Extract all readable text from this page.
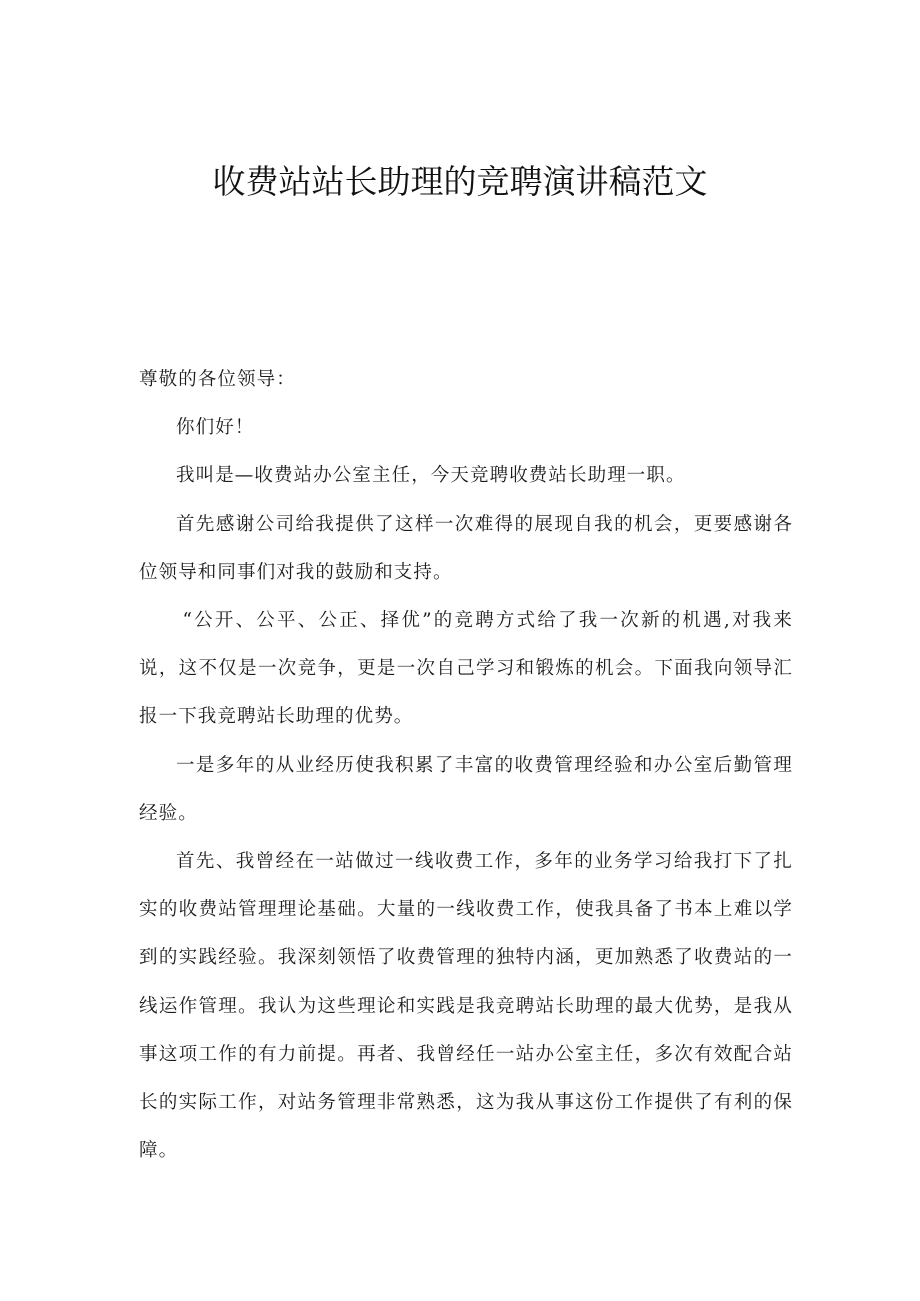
收费站站长助理的竞聘演讲稿范文

尊敬的各位领导：

你们好！

我叫是—收费站办公室主任，今天竞聘收费站长助理一职。

首先感谢公司给我提供了这样一次难得的展现自我的机会，更要感谢各位领导和同事们对我的鼓励和支持。

“公开、公平、公正、择优”的竞聘方式给了我一次新的机遇,对我来说，这不仅是一次竞争，更是一次自己学习和锻炼的机会。下面我向领导汇报一下我竞聘站长助理的优势。

一是多年的从业经历使我积累了丰富的收费管理经验和办公室后勤管理经验。

首先、我曾经在一站做过一线收费工作，多年的业务学习给我打下了扎实的收费站管理理论基础。大量的一线收费工作，使我具备了书本上难以学到的实践经验。我深刻领悟了收费管理的独特内涵，更加熟悉了收费站的一线运作管理。我认为这些理论和实践是我竞聘站长助理的最大优势，是我从事这项工作的有力前提。再者、我曾经任一站办公室主任，多次有效配合站长的实际工作，对站务管理非常熟悉，这为我从事这份工作提供了有利的保障。
